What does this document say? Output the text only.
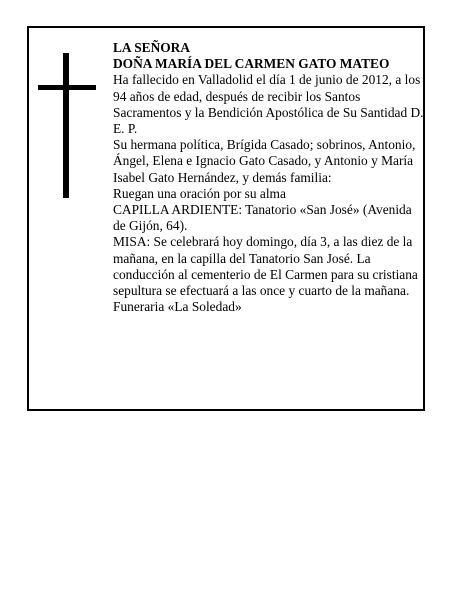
LA SEÑORA

DOÑA MARÍA DEL CARMEN GATO MATEO

Ha fallecido en Valladolid el día 1 de junio de 2012, a los 94 años de edad, después de recibir los Santos Sacramentos y la Bendición Apostólica de Su Santidad D. E. P.

Su hermana política, Brígida Casado; sobrinos, Antonio, Ángel, Elena e Ignacio Gato Casado, y Antonio y María Isabel Gato Hernández, y demás familia:

Ruegan una oración por su alma

CAPILLA ARDIENTE: Tanatorio «San José» (Avenida de Gijón, 64).

MISA: Se celebrará hoy domingo, día 3, a las diez de la mañana, en la capilla del Tanatorio San José. La conducción al cementerio de El Carmen para su cristiana sepultura se efectuará a las once y cuarto de la mañana.

Funeraria «La Soledad»
